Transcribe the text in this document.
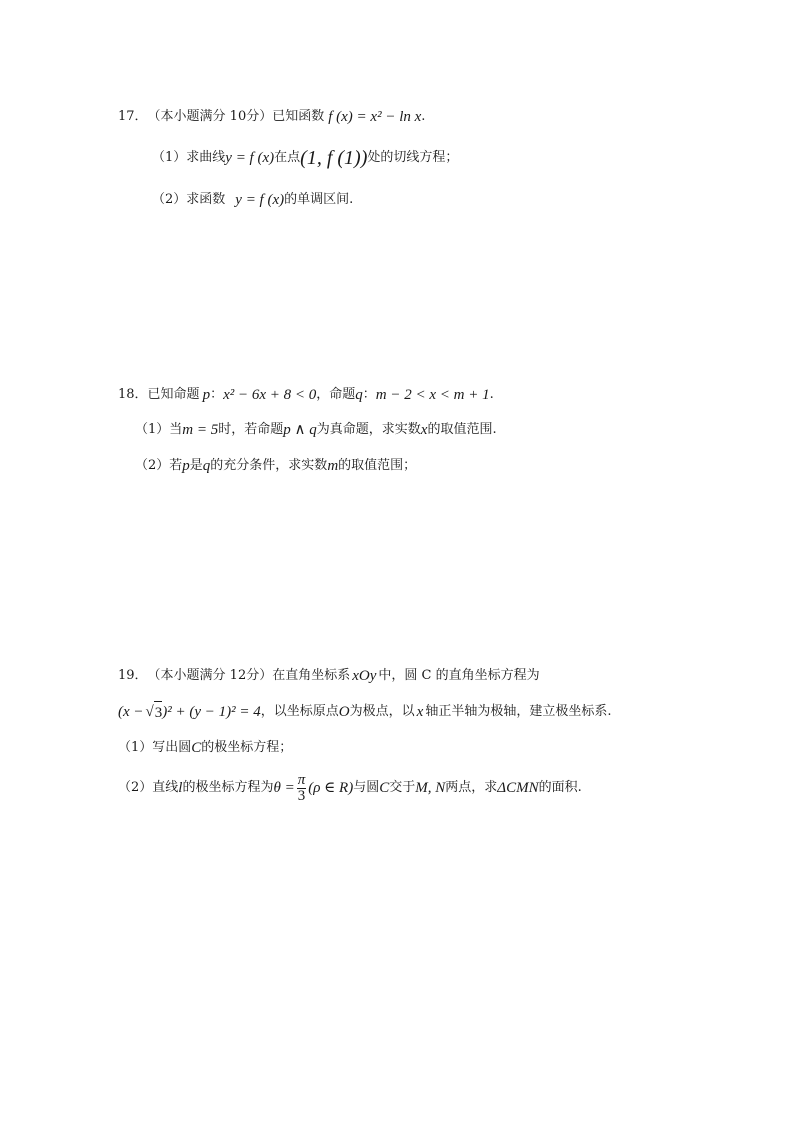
17． （本小题满分 10分）已知函数 f (x) = x² − ln x .
（1）求曲线 y = f (x) 在点 (1, f (1)) 处的切线方程；
（2）求函数 y = f (x) 的单调区间.
18． 已知命题 p ： x² − 6x + 8 < 0 ，命题 q ： m − 2 < x < m + 1 .
（1）当 m = 5 时，若命题 p ∧ q 为真命题，求实数 x 的取值范围.
（2）若 p 是 q 的充分条件，求实数 m 的取值范围；
19． （本小题满分 12分）在直角坐标系 xOy 中，圆 C 的直角坐标方程为
(x − √ 3 )² + (y − 1)² = 4 ，以坐标原点 O 为极点，以 x 轴正半轴为极轴，建立极坐标系.
（1）写出圆 C 的极坐标方程；
（2）直线 l 的极坐标方程为 $\theta = \frac{\pi}{3} (\rho$ ∈ R) 与圆 C 交于 M, N 两点，求 ΔCMN 的面积.
